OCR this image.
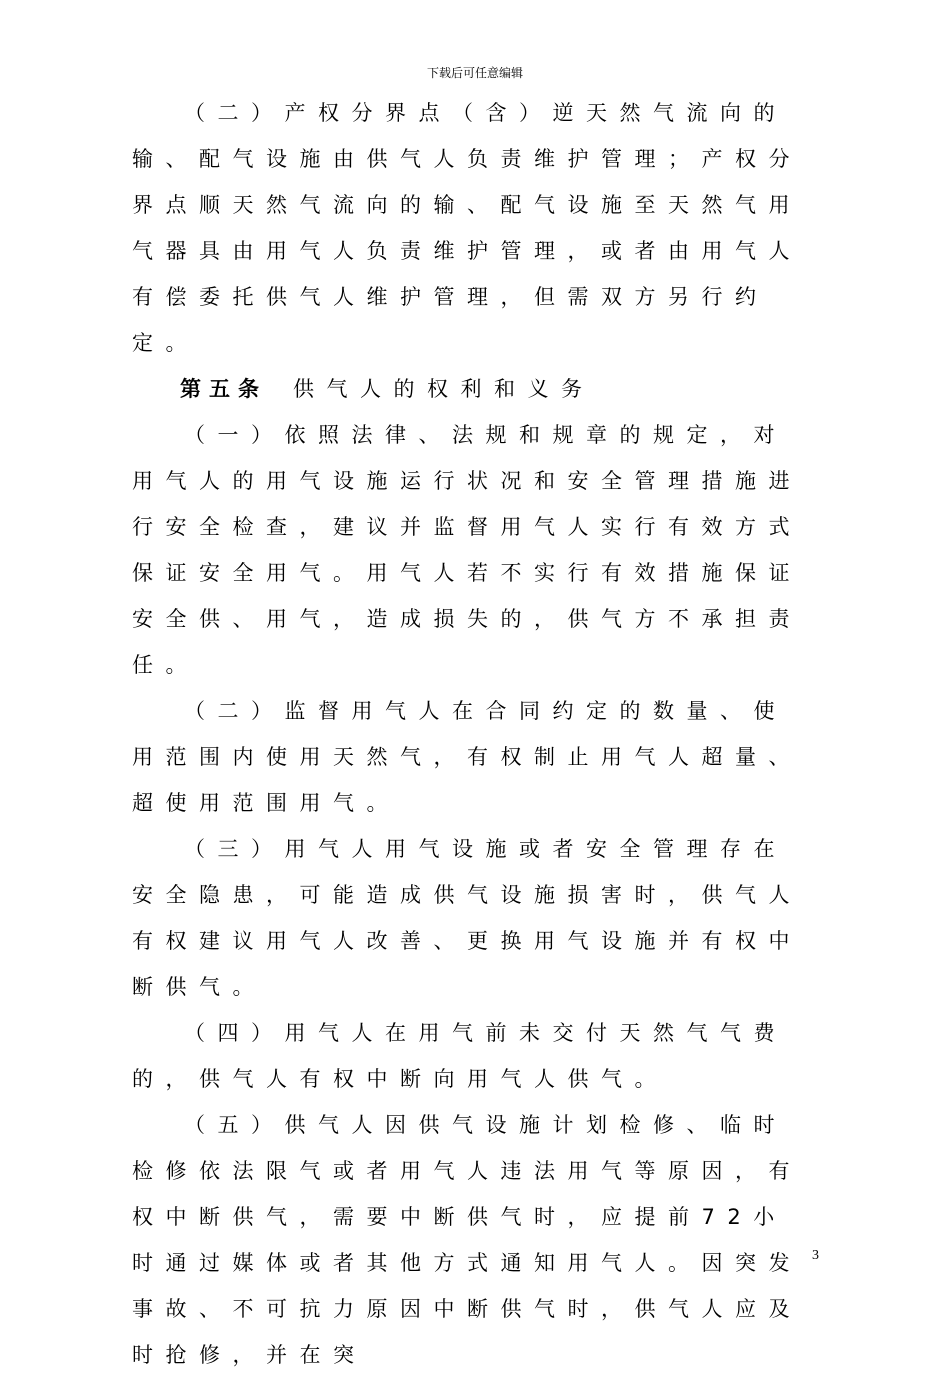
下载后可任意编辑

（二）产权分界点（含）逆天然气流向的输、配气设施由供气人负责维护管理；产权分界点顺天然气流向的输、配气设施至天然气用气器具由用气人负责维护管理，或者由用气人有偿委托供气人维护管理，但需双方另行约定。

第五条 供气人的权利和义务

（一）依照法律、法规和规章的规定，对用气人的用气设施运行状况和安全管理措施进行安全检查，建议并监督用气人实行有效方式保证安全用气。用气人若不实行有效措施保证安全供、用气，造成损失的，供气方不承担责任。

（二）监督用气人在合同约定的数量、使用范围内使用天然气，有权制止用气人超量、超使用范围用气。

（三）用气人用气设施或者安全管理存在安全隐患，可能造成供气设施损害时，供气人有权建议用气人改善、更换用气设施并有权中断供气。

（四）用气人在用气前未交付天然气气费的，供气人有权中断向用气人供气。

（五）供气人因供气设施计划检修、临时检修依法限气或者用气人违法用气等原因，有权中断供气，需要中断供气时，应提前72小时通过媒体或者其他方式通知用气人。因突发事故、不可抗力原因中断供气时，供气人应及时抢修，并在突

3
